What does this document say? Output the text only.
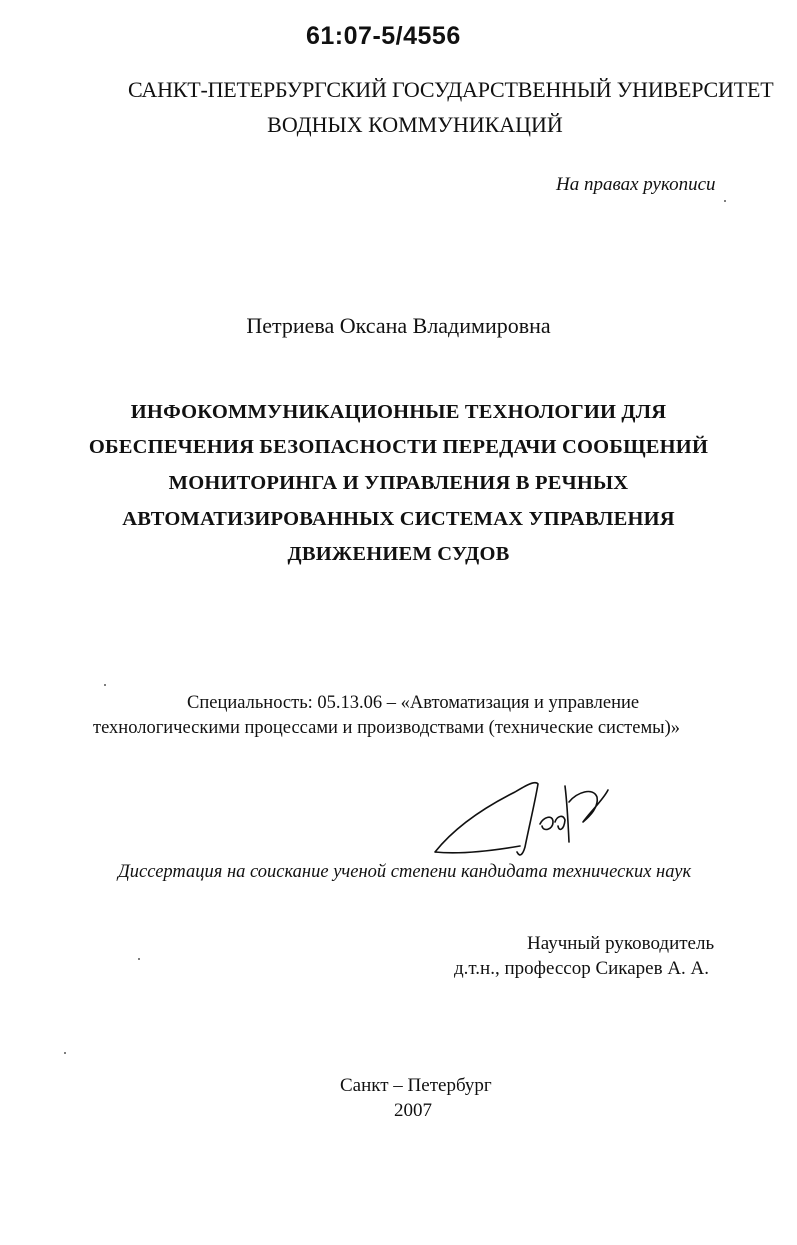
61:07-5/4556
САНКТ-ПЕТЕРБУРГСКИЙ ГОСУДАРСТВЕННЫЙ УНИВЕРСИТЕТ
ВОДНЫХ КОММУНИКАЦИЙ
На правах рукописи
Петриева Оксана Владимировна
ИНФОКОММУНИКАЦИОННЫЕ ТЕХНОЛОГИИ ДЛЯ
ОБЕСПЕЧЕНИЯ БЕЗОПАСНОСТИ ПЕРЕДАЧИ СООБЩЕНИЙ
МОНИТОРИНГА И УПРАВЛЕНИЯ В РЕЧНЫХ
АВТОМАТИЗИРОВАННЫХ СИСТЕМАХ УПРАВЛЕНИЯ
ДВИЖЕНИЕМ СУДОВ
Специальность: 05.13.06 – «Автоматизация и управление
технологическими процессами и производствами (технические системы)»
Диссертация на соискание ученой степени кандидата технических наук
Научный руководитель
д.т.н., профессор Сикарев А. А.
Санкт – Петербург
2007
